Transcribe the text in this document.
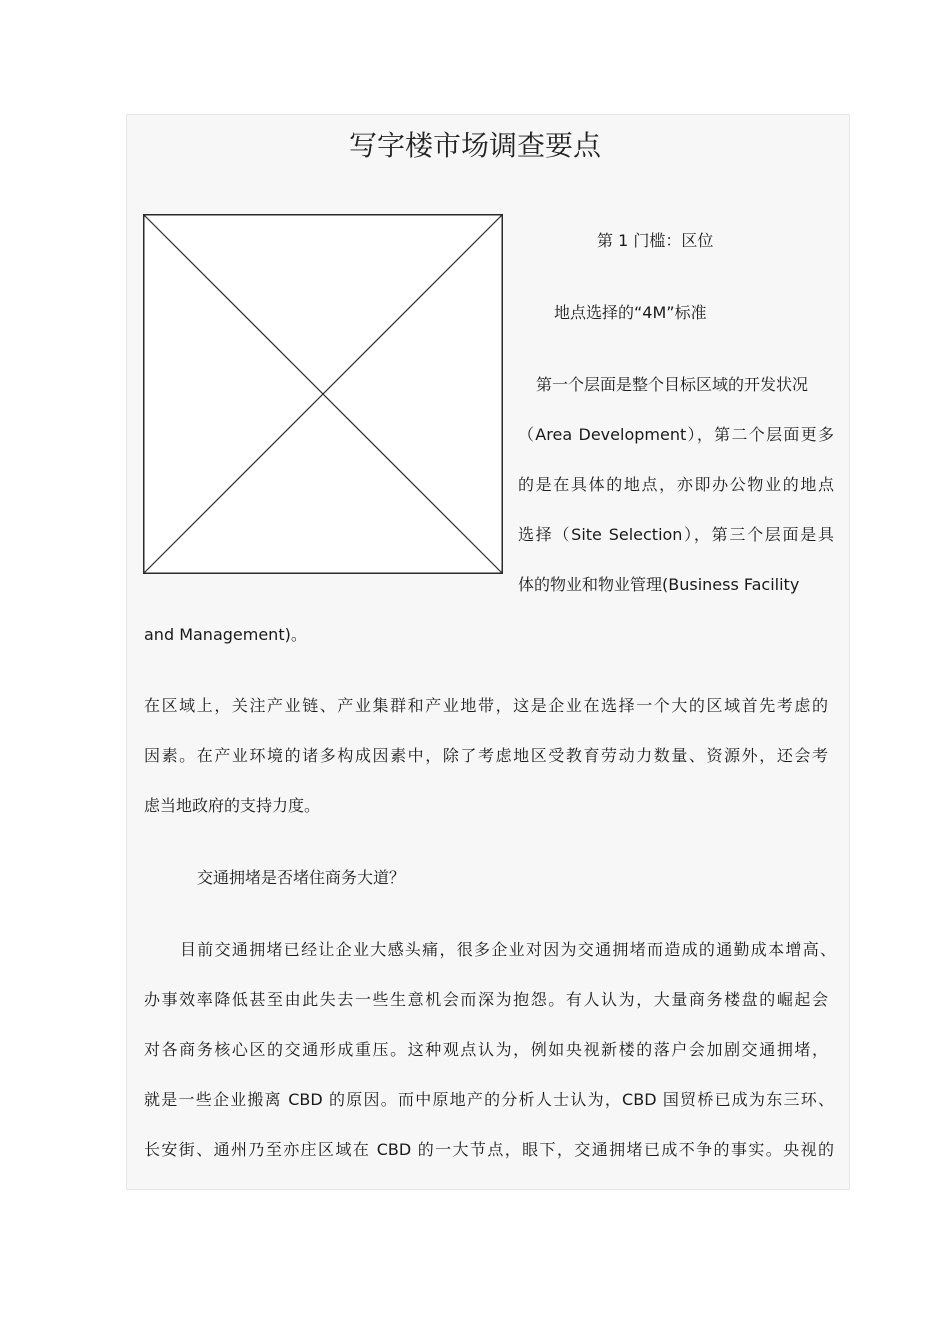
写字楼市场调查要点
第 1 门槛：区位
地点选择的“4M”标准
第一个层面是整个目标区域的开发状况
（Area Development），第二个层面更多
的是在具体的地点，亦即办公物业的地点
选择（Site Selection），第三个层面是具
体的物业和物业管理(Business Facility
and Management)。
在区域上，关注产业链、产业集群和产业地带，这是企业在选择一个大的区域首先考虑的
因素。在产业环境的诸多构成因素中，除了考虑地区受教育劳动力数量、资源外，还会考
虑当地政府的支持力度。
交通拥堵是否堵住商务大道？
目前交通拥堵已经让企业大感头痛，很多企业对因为交通拥堵而造成的通勤成本增高、
办事效率降低甚至由此失去一些生意机会而深为抱怨。有人认为，大量商务楼盘的崛起会
对各商务核心区的交通形成重压。这种观点认为，例如央视新楼的落户会加剧交通拥堵，
就是一些企业搬离 CBD 的原因。而中原地产的分析人士认为，CBD 国贸桥已成为东三环、
长安街、通州乃至亦庄区域在 CBD 的一大节点，眼下，交通拥堵已成不争的事实。央视的
